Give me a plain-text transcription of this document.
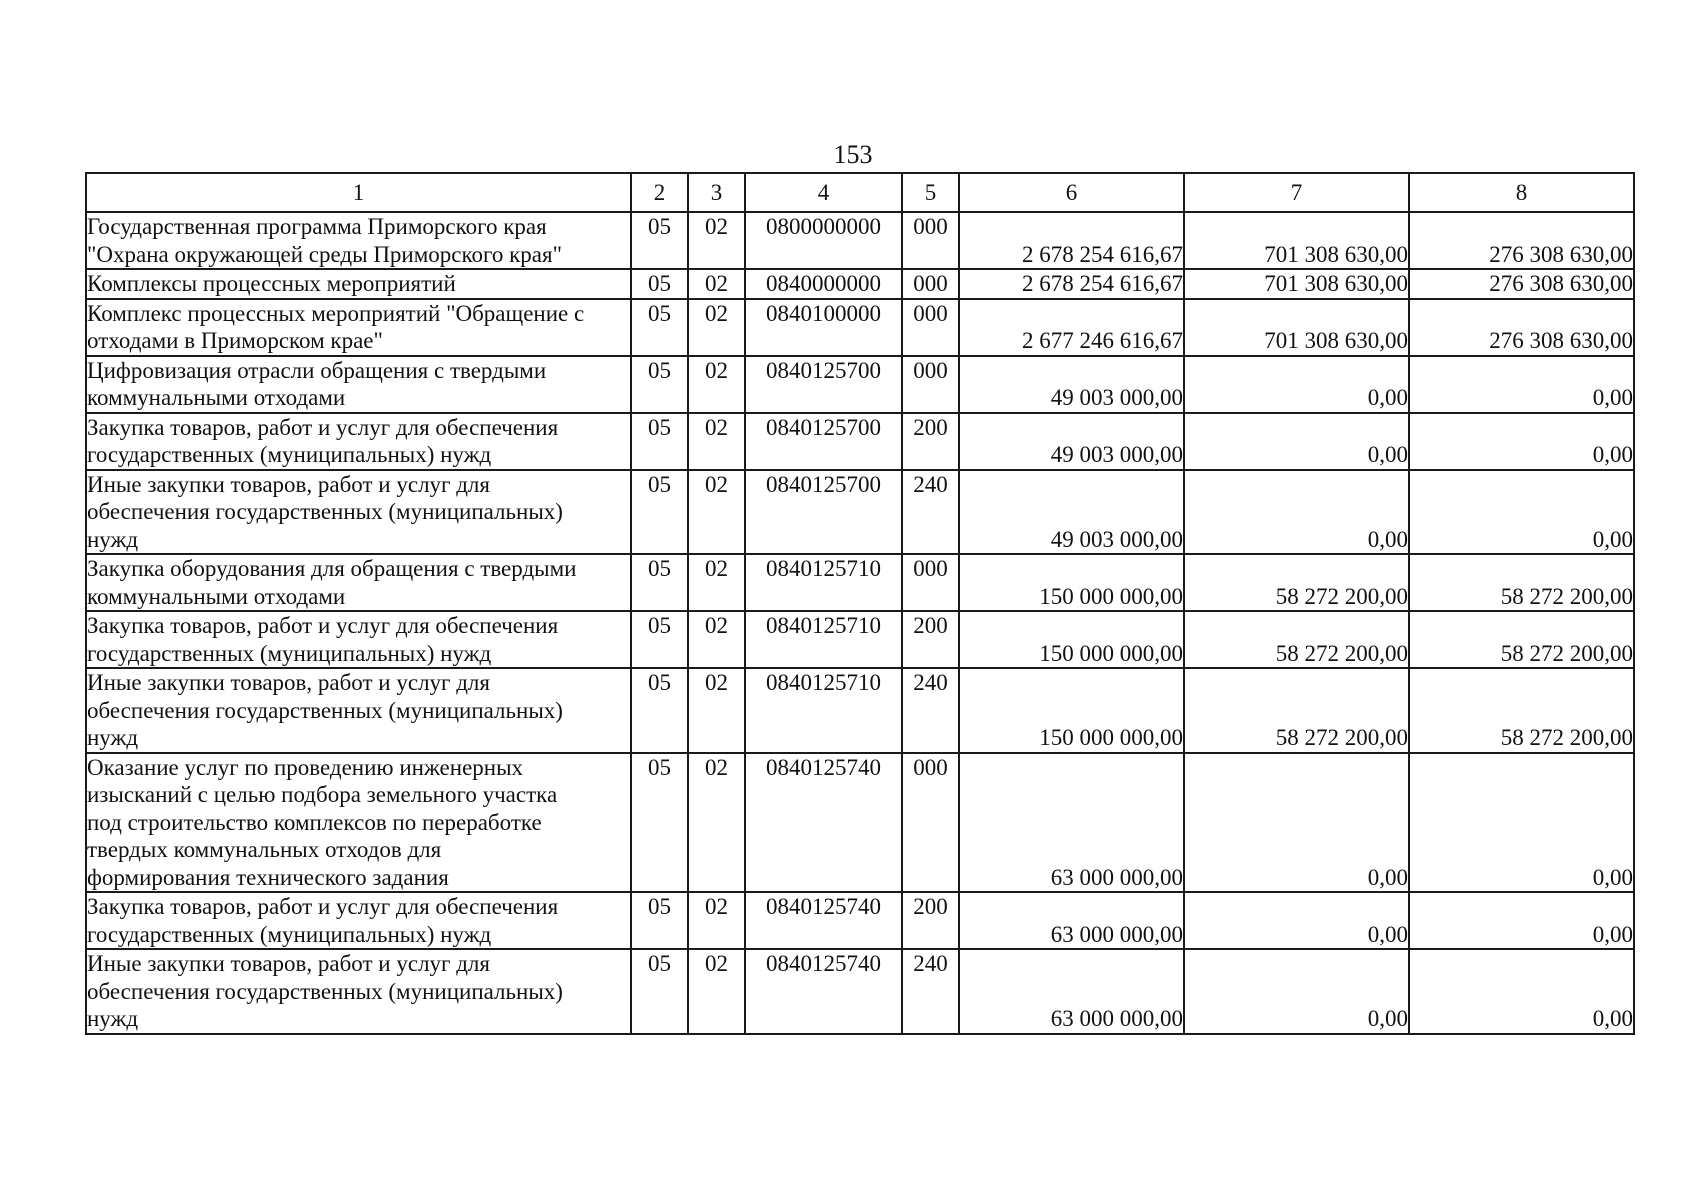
153
1	2	3	4	5	6	7	8
Государственная программа Приморского края
"Охрана окружающей среды Приморского края"	05	02	0800000000	000	2 678 254 616,67	701 308 630,00	276 308 630,00
Комплексы процессных мероприятий	05	02	0840000000	000	2 678 254 616,67	701 308 630,00	276 308 630,00
Комплекс процессных мероприятий "Обращение с
отходами в Приморском крае"	05	02	0840100000	000	2 677 246 616,67	701 308 630,00	276 308 630,00
Цифровизация отрасли обращения с твердыми
коммунальными отходами	05	02	0840125700	000	49 003 000,00	0,00	0,00
Закупка товаров, работ и услуг для обеспечения
государственных (муниципальных) нужд	05	02	0840125700	200	49 003 000,00	0,00	0,00
Иные закупки товаров, работ и услуг для
обеспечения государственных (муниципальных)
нужд	05	02	0840125700	240	49 003 000,00	0,00	0,00
Закупка оборудования для обращения с твердыми
коммунальными отходами	05	02	0840125710	000	150 000 000,00	58 272 200,00	58 272 200,00
Закупка товаров, работ и услуг для обеспечения
государственных (муниципальных) нужд	05	02	0840125710	200	150 000 000,00	58 272 200,00	58 272 200,00
Иные закупки товаров, работ и услуг для
обеспечения государственных (муниципальных)
нужд	05	02	0840125710	240	150 000 000,00	58 272 200,00	58 272 200,00
Оказание услуг по проведению инженерных
изысканий с целью подбора земельного участка
под строительство комплексов по переработке
твердых коммунальных отходов для
формирования технического задания	05	02	0840125740	000	63 000 000,00	0,00	0,00
Закупка товаров, работ и услуг для обеспечения
государственных (муниципальных) нужд	05	02	0840125740	200	63 000 000,00	0,00	0,00
Иные закупки товаров, работ и услуг для
обеспечения государственных (муниципальных)
нужд	05	02	0840125740	240	63 000 000,00	0,00	0,00
